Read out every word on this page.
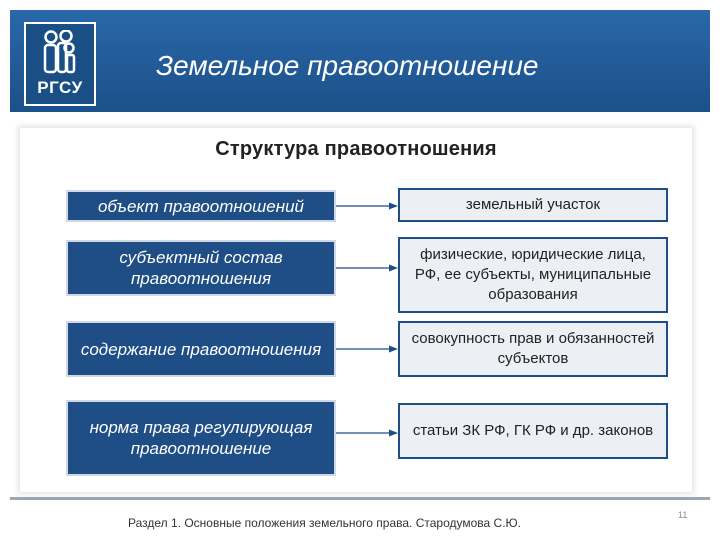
РГСУ
Земельное правоотношение
Структура правоотношения
объект правоотношений	земельный участок
субъектный состав правоотношения
физические, юридические лица, РФ, ее субъекты, муниципальные образования
содержание правоотношения
совокупность прав и обязанностей субъектов
норма права регулирующая правоотношение
статьи ЗК РФ, ГК РФ и др. законов
Раздел 1. Основные положения земельного права. Стародумова С.Ю.
11
